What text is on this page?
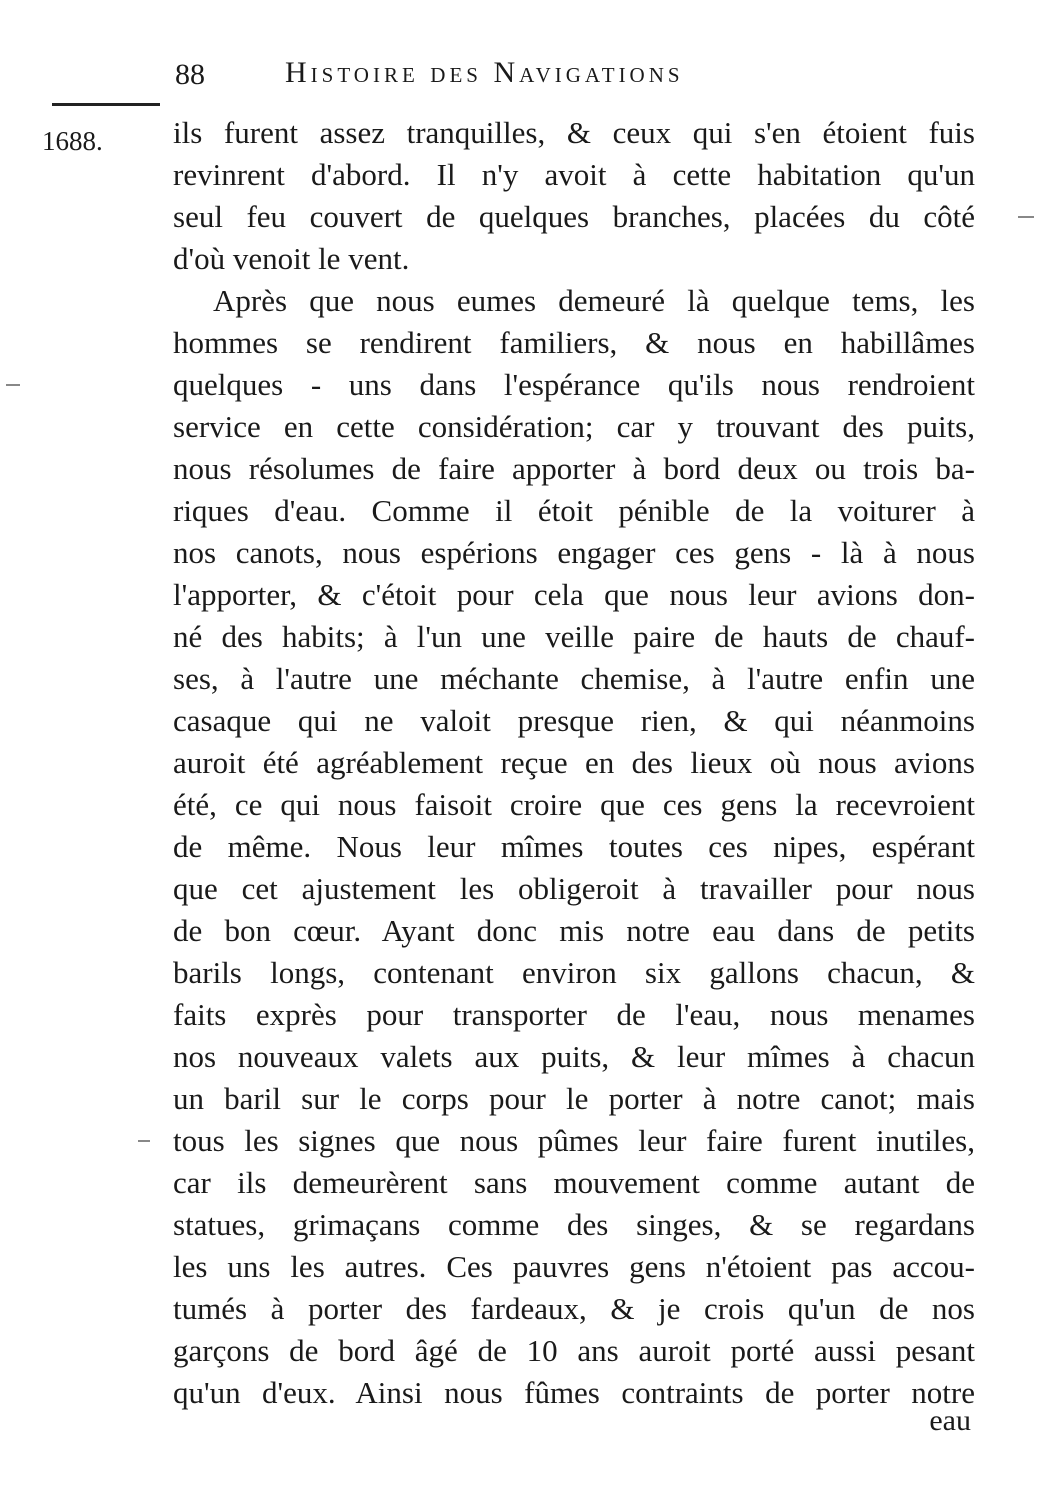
88	Histoire des Navigations
1688. ils furent assez tranquilles, & ceux qui s'en étoient fuis
revinrent d'abord. Il n'y avoit à cette habitation qu'un
seul feu couvert de quelques branches, placées du côté
d'où venoit le vent.
Après que nous eumes demeuré là quelque tems, les
hommes se rendirent familiers, & nous en habillâmes
quelques - uns dans l'espérance qu'ils nous rendroient
service en cette considération; car y trouvant des puits,
nous résolumes de faire apporter à bord deux ou trois ba-
riques d'eau. Comme il étoit pénible de la voiturer à
nos canots, nous espérions engager ces gens - là à nous
l'apporter, & c'étoit pour cela que nous leur avions don-
né des habits; à l'un une veille paire de hauts de chauf-
ses, à l'autre une méchante chemise, à l'autre enfin une
casaque qui ne valoit presque rien, & qui néanmoins
auroit été agréablement reçue en des lieux où nous avions
été, ce qui nous faisoit croire que ces gens la recevroient
de même. Nous leur mîmes toutes ces nipes, espérant
que cet ajustement les obligeroit à travailler pour nous
de bon cœur. Ayant donc mis notre eau dans de petits
barils longs, contenant environ six gallons chacun, &
faits exprès pour transporter de l'eau, nous menames
nos nouveaux valets aux puits, & leur mîmes à chacun
un baril sur le corps pour le porter à notre canot; mais
tous les signes que nous pûmes leur faire furent inutiles,
car ils demeurèrent sans mouvement comme autant de
statues, grimaçans comme des singes, & se regardans
les uns les autres. Ces pauvres gens n'étoient pas accou-
tumés à porter des fardeaux, & je crois qu'un de nos
garçons de bord âgé de 10 ans auroit porté aussi pesant
qu'un d'eux. Ainsi nous fûmes contraints de porter notre
eau
